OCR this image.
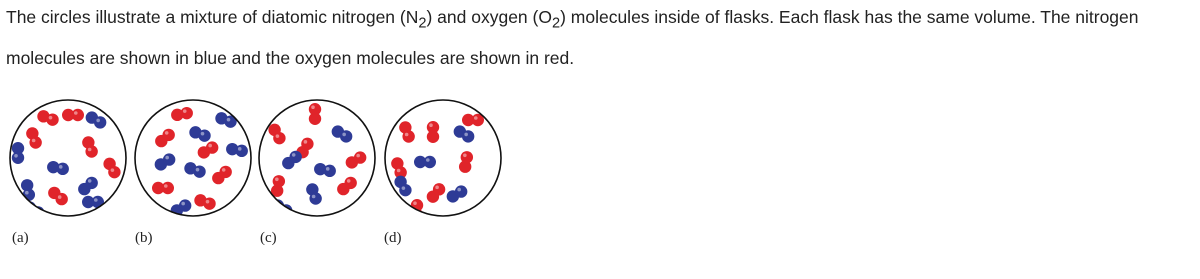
The circles illustrate a mixture of diatomic nitrogen $(N_2)$ and oxygen $(O_2)$ molecules inside of flasks. Each flask has the same volume. The nitrogen molecules are shown in blue and the oxygen molecules are shown in red.

(a)	(b)	(c)	(d)
